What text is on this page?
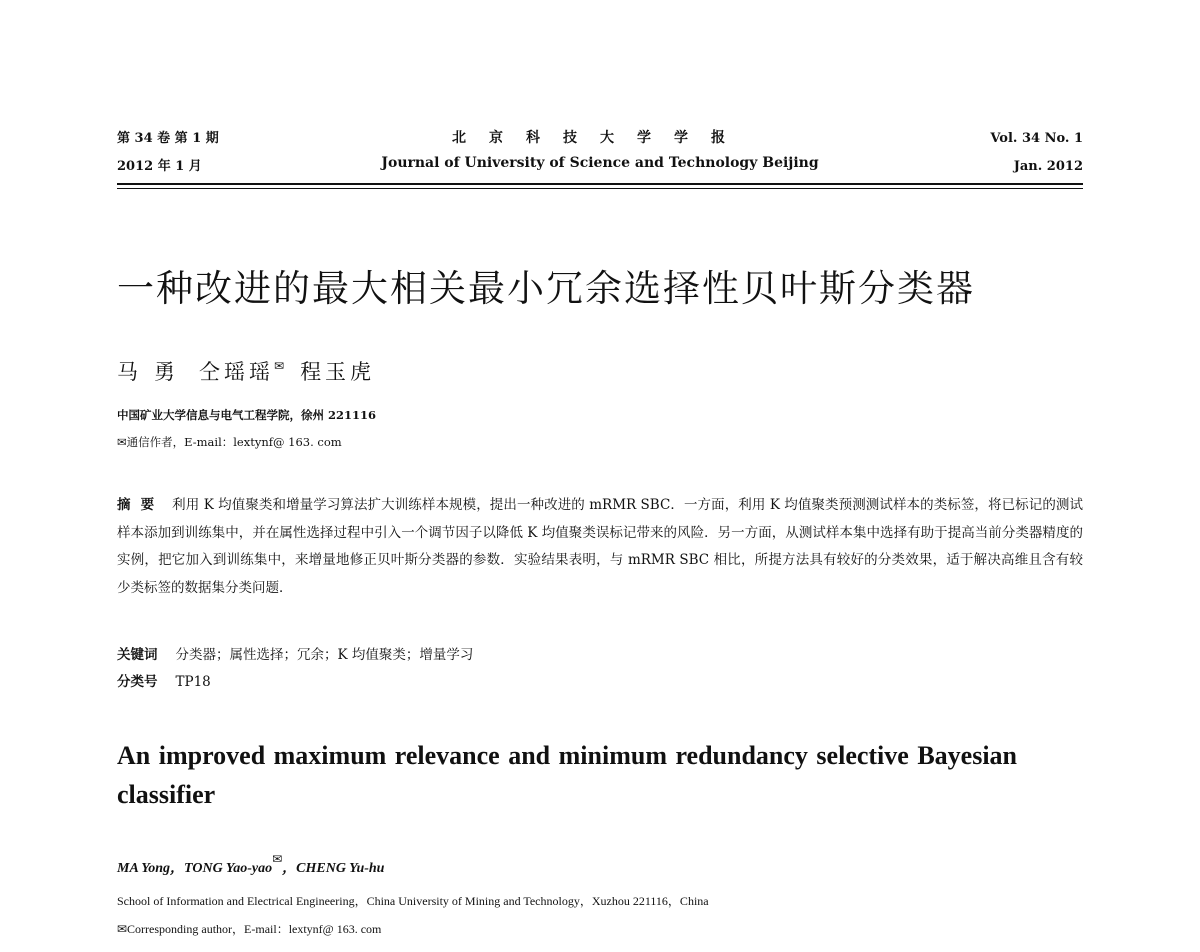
第 34 卷 第 1 期	北京科技大学学报	Vol. 34 No. 1
2012 年 1 月	Journal of University of Science and Technology Beijing	Jan. 2012
一种改进的最大相关最小冗余选择性贝叶斯分类器
马勇 仝瑶瑶✉ 程玉虎
中国矿业大学信息与电气工程学院，徐州 221116
✉通信作者，E-mail：lextynf@ 163. com
摘要 利用 K 均值聚类和增量学习算法扩大训练样本规模，提出一种改进的 mRMR SBC．一方面，利用 K 均值聚类预测测试样本的类标签，将已标记的测试样本添加到训练集中，并在属性选择过程中引入一个调节因子以降低 K 均值聚类误标记带来的风险．另一方面，从测试样本集中选择有助于提高当前分类器精度的实例，把它加入到训练集中，来增量地修正贝叶斯分类器的参数．实验结果表明，与 mRMR SBC 相比，所提方法具有较好的分类效果，适于解决高维且含有较少类标签的数据集分类问题．
关键词 分类器；属性选择；冗余；K 均值聚类；增量学习
分类号 TP18
An improved maximum relevance and minimum redundancy selective Bayesian classifier
MA Yong，TONG Yao-yao✉，CHENG Yu-hu
School of Information and Electrical Engineering，China University of Mining and Technology，Xuzhou 221116，China
✉Corresponding author，E-mail：lextynf@ 163. com
